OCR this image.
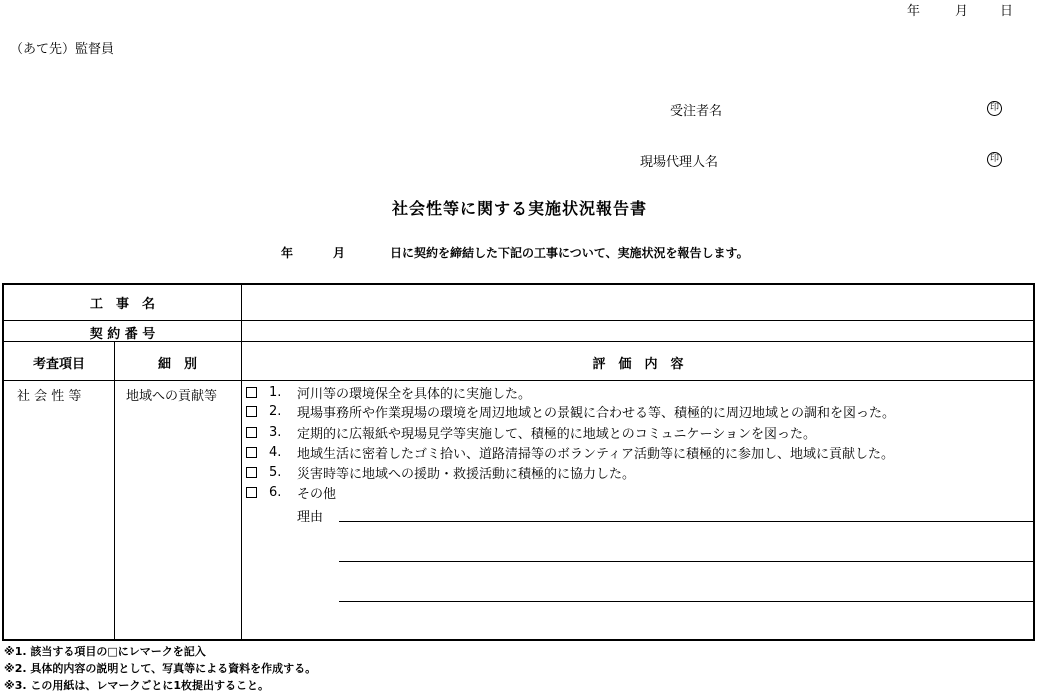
年	月 日
（あて先）監督員
受注者名	印
現場代理人名	印
社会性等に関する実施状況報告書
年	月	日に契約を締結した下記の工事について、実施状況を報告します。
工　事　名
契 約 番 号
考査項目	細　別	評　価　内　容
社 会 性 等	地域への貢献等	1.	河川等の環境保全を具体的に実施した。
2.	現場事務所や作業現場の環境を周辺地域との景観に合わせる等、積極的に周辺地域との調和を図った。
3.	定期的に広報紙や現場見学等実施して、積極的に地域とのコミュニケーションを図った。
4.	地域生活に密着したゴミ拾い、道路清掃等のボランティア活動等に積極的に参加し、地域に貢献した。
5.	災害時等に地域への援助・救援活動に積極的に協力した。
6.	その他
理由
※1. 該当する項目の□にレマークを記入
※2. 具体的内容の説明として、写真等による資料を作成する。
※3. この用紙は、レマークごとに1枚提出すること。
